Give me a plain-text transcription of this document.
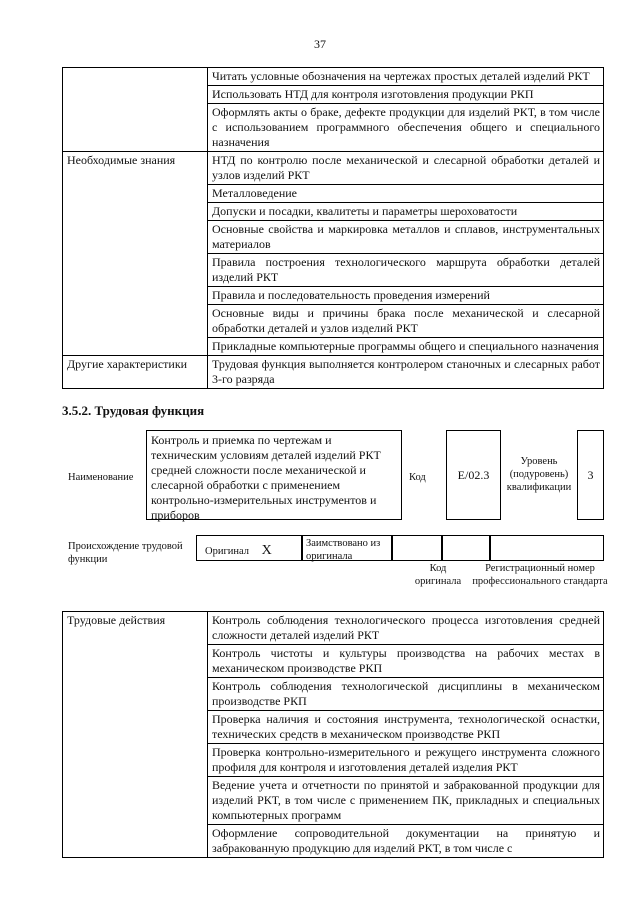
37
	Читать условные обозначения на чертежах простых деталей изделий РКТ
	Использовать НТД для контроля изготовления продукции РКП
	Оформлять акты о браке, дефекте продукции для изделий РКТ, в том числе с использованием программного обеспечения общего и специального назначения
Необходимые знания	НТД по контролю после механической и слесарной обработки деталей и узлов изделий РКТ
	Металловедение
	Допуски и посадки, квалитеты и параметры шероховатости
	Основные свойства и маркировка металлов и сплавов, инструментальных материалов
	Правила построения технологического маршрута обработки деталей изделий РКТ
	Правила и последовательность проведения измерений
	Основные виды и причины брака после механической и слесарной обработки деталей и узлов изделий РКТ
	Прикладные компьютерные программы общего и специального назначения
Другие характеристики	Трудовая функция выполняется контролером станочных и слесарных работ 3-го разряда
3.5.2. Трудовая функция
Наименование
Контроль и приемка по чертежам и техническим условиям деталей изделий РКТ средней сложности после механической и слесарной обработки с применением контрольно-измерительных инструментов и приборов
Код	E/02.3
Уровень (подуровень) квалификации
3
Происхождение трудовой функции
Оригинал X	Заимствовано из оригинала
Код оригинала
Регистрационный номер профессионального стандарта
Трудовые действия	Контроль соблюдения технологического процесса изготовления средней сложности деталей изделий РКТ
Контроль чистоты и культуры производства на рабочих местах в механическом производстве РКП
Контроль соблюдения технологической дисциплины в механическом производстве РКП
Проверка наличия и состояния инструмента, технологической оснастки, технических средств в механическом производстве РКП
Проверка контрольно-измерительного и режущего инструмента сложного профиля для контроля и изготовления деталей изделия РКТ
Ведение учета и отчетности по принятой и забракованной продукции для изделий РКТ, в том числе с применением ПК, прикладных и специальных компьютерных программ
Оформление сопроводительной документации на принятую и забракованную продукцию для изделий РКТ, в том числе с
